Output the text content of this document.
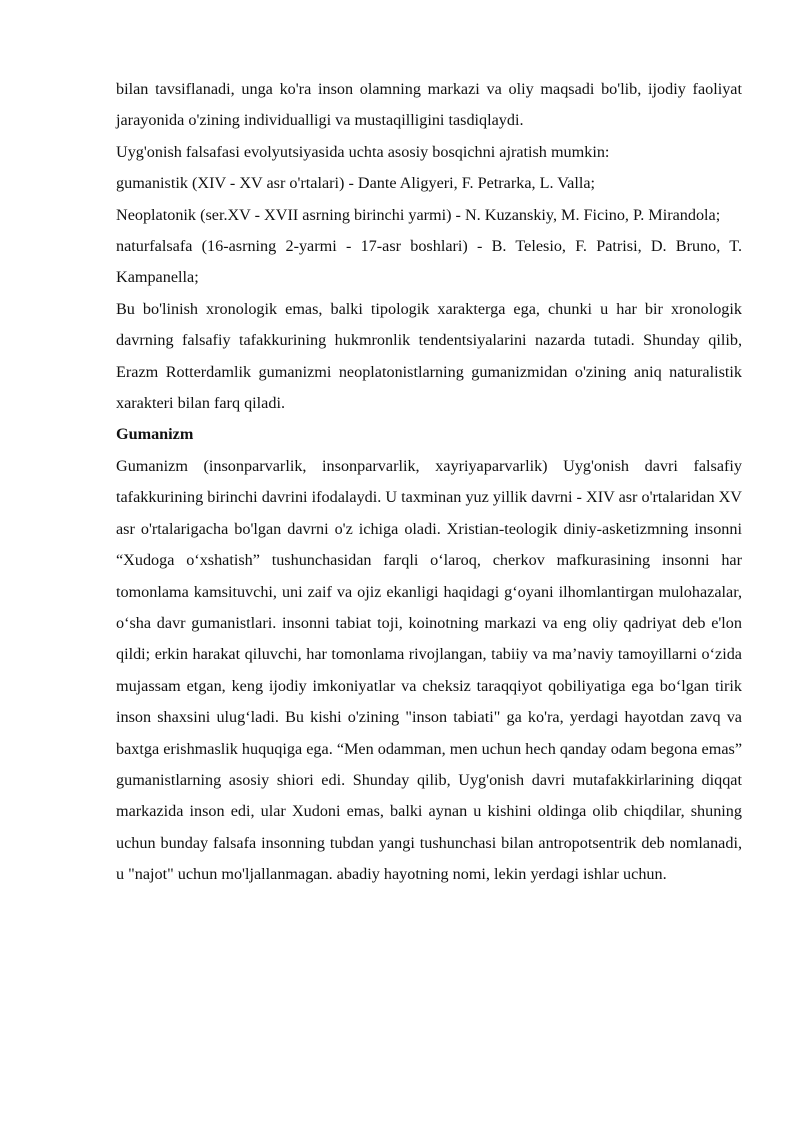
bilan tavsiflanadi, unga ko'ra inson olamning markazi va oliy maqsadi bo'lib, ijodiy faoliyat jarayonida o'zining individualligi va mustaqilligini tasdiqlaydi.

Uyg'onish falsafasi evolyutsiyasida uchta asosiy bosqichni ajratish mumkin:

gumanistik (XIV - XV asr o'rtalari) - Dante Aligyeri, F. Petrarka, L. Valla;

Neoplatonik (ser.XV - XVII asrning birinchi yarmi) - N. Kuzanskiy, M. Ficino, P. Mirandola;

naturfalsafa (16-asrning 2-yarmi - 17-asr boshlari) - B. Telesio, F. Patrisi, D. Bruno, T. Kampanella;

Bu bo'linish xronologik emas, balki tipologik xarakterga ega, chunki u har bir xronologik davrning falsafiy tafakkurining hukmronlik tendentsiyalarini nazarda tutadi. Shunday qilib, Erazm Rotterdamlik gumanizmi neoplatonistlarning gumanizmidan o'zining aniq naturalistik xarakteri bilan farq qiladi.

Gumanizm

Gumanizm (insonparvarlik, insonparvarlik, xayriyaparvarlik) Uyg'onish davri falsafiy tafakkurining birinchi davrini ifodalaydi. U taxminan yuz yillik davrni - XIV asr o'rtalaridan XV asr o'rtalarigacha bo'lgan davrni o'z ichiga oladi. Xristian-teologik diniy-asketizmning insonni “Xudoga o‘xshatish” tushunchasidan farqli o‘laroq, cherkov mafkurasining insonni har tomonlama kamsituvchi, uni zaif va ojiz ekanligi haqidagi g‘oyani ilhomlantirgan mulohazalar, o‘sha davr gumanistlari. insonni tabiat toji, koinotning markazi va eng oliy qadriyat deb e'lon qildi; erkin harakat qiluvchi, har tomonlama rivojlangan, tabiiy va ma’naviy tamoyillarni o‘zida mujassam etgan, keng ijodiy imkoniyatlar va cheksiz taraqqiyot qobiliyatiga ega bo‘lgan tirik inson shaxsini ulug‘ladi. Bu kishi o'zining "inson tabiati" ga ko'ra, yerdagi hayotdan zavq va baxtga erishmaslik huquqiga ega. “Men odamman, men uchun hech qanday odam begona emas” gumanistlarning asosiy shiori edi. Shunday qilib, Uyg'onish davri mutafakkirlarining diqqat markazida inson edi, ular Xudoni emas, balki aynan u kishini oldinga olib chiqdilar, shuning uchun bunday falsafa insonning tubdan yangi tushunchasi bilan antropotsentrik deb nomlanadi, u "najot" uchun mo'ljallanmagan. abadiy hayotning nomi, lekin yerdagi ishlar uchun.
